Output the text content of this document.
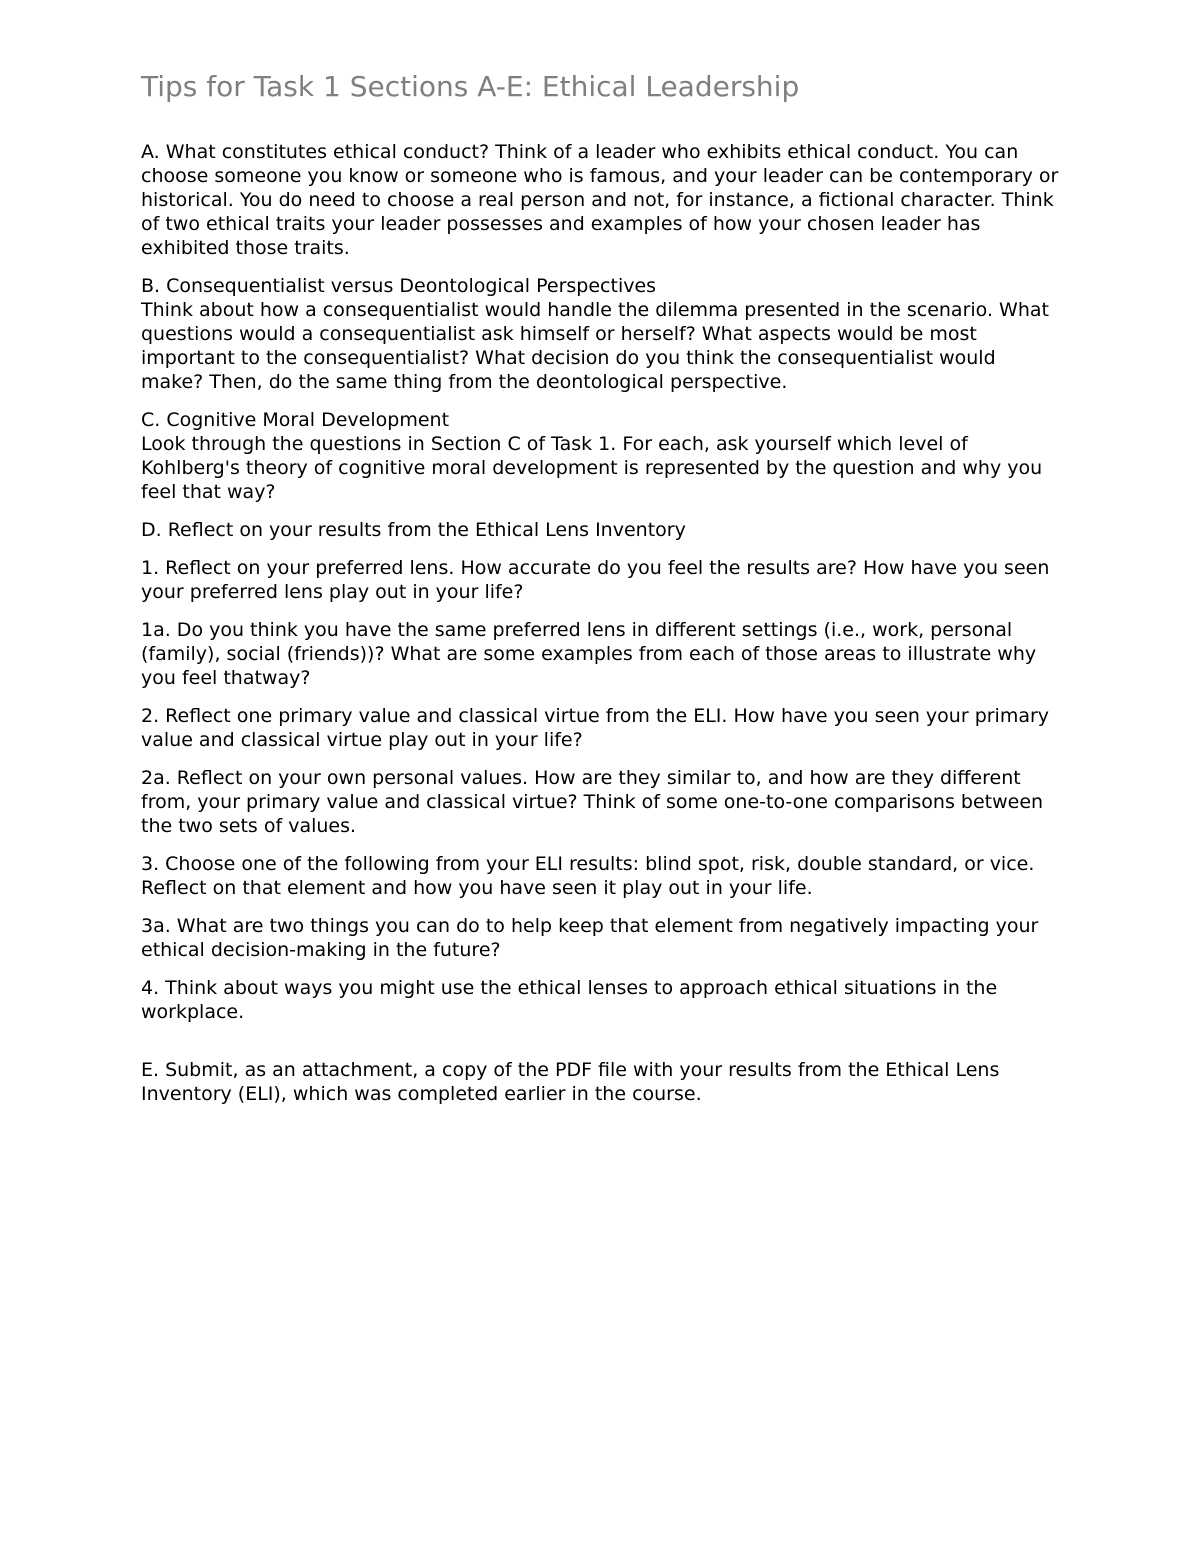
Tips for Task 1 Sections A-E: Ethical Leadership

A. What constitutes ethical conduct? Think of a leader who exhibits ethical conduct. You can choose someone you know or someone who is famous, and your leader can be contemporary or historical. You do need to choose a real person and not, for instance, a fictional character. Think of two ethical traits your leader possesses and examples of how your chosen leader has exhibited those traits.

B. Consequentialist versus Deontological Perspectives
Think about how a consequentialist would handle the dilemma presented in the scenario. What questions would a consequentialist ask himself or herself? What aspects would be most important to the consequentialist? What decision do you think the consequentialist would make? Then, do the same thing from the deontological perspective.

C. Cognitive Moral Development
Look through the questions in Section C of Task 1. For each, ask yourself which level of Kohlberg's theory of cognitive moral development is represented by the question and why you feel that way?

D. Reflect on your results from the Ethical Lens Inventory

1. Reflect on your preferred lens. How accurate do you feel the results are? How have you seen your preferred lens play out in your life?

1a. Do you think you have the same preferred lens in different settings (i.e., work, personal (family), social (friends))? What are some examples from each of those areas to illustrate why you feel thatway?

2. Reflect one primary value and classical virtue from the ELI. How have you seen your primary value and classical virtue play out in your life?

2a. Reflect on your own personal values. How are they similar to, and how are they different from, your primary value and classical virtue? Think of some one-to-one comparisons between the two sets of values.

3. Choose one of the following from your ELI results: blind spot, risk, double standard, or vice. Reflect on that element and how you have seen it play out in your life.

3a. What are two things you can do to help keep that element from negatively impacting your ethical decision-making in the future?

4. Think about ways you might use the ethical lenses to approach ethical situations in the workplace.

E. Submit, as an attachment, a copy of the PDF file with your results from the Ethical Lens Inventory (ELI), which was completed earlier in the course.
